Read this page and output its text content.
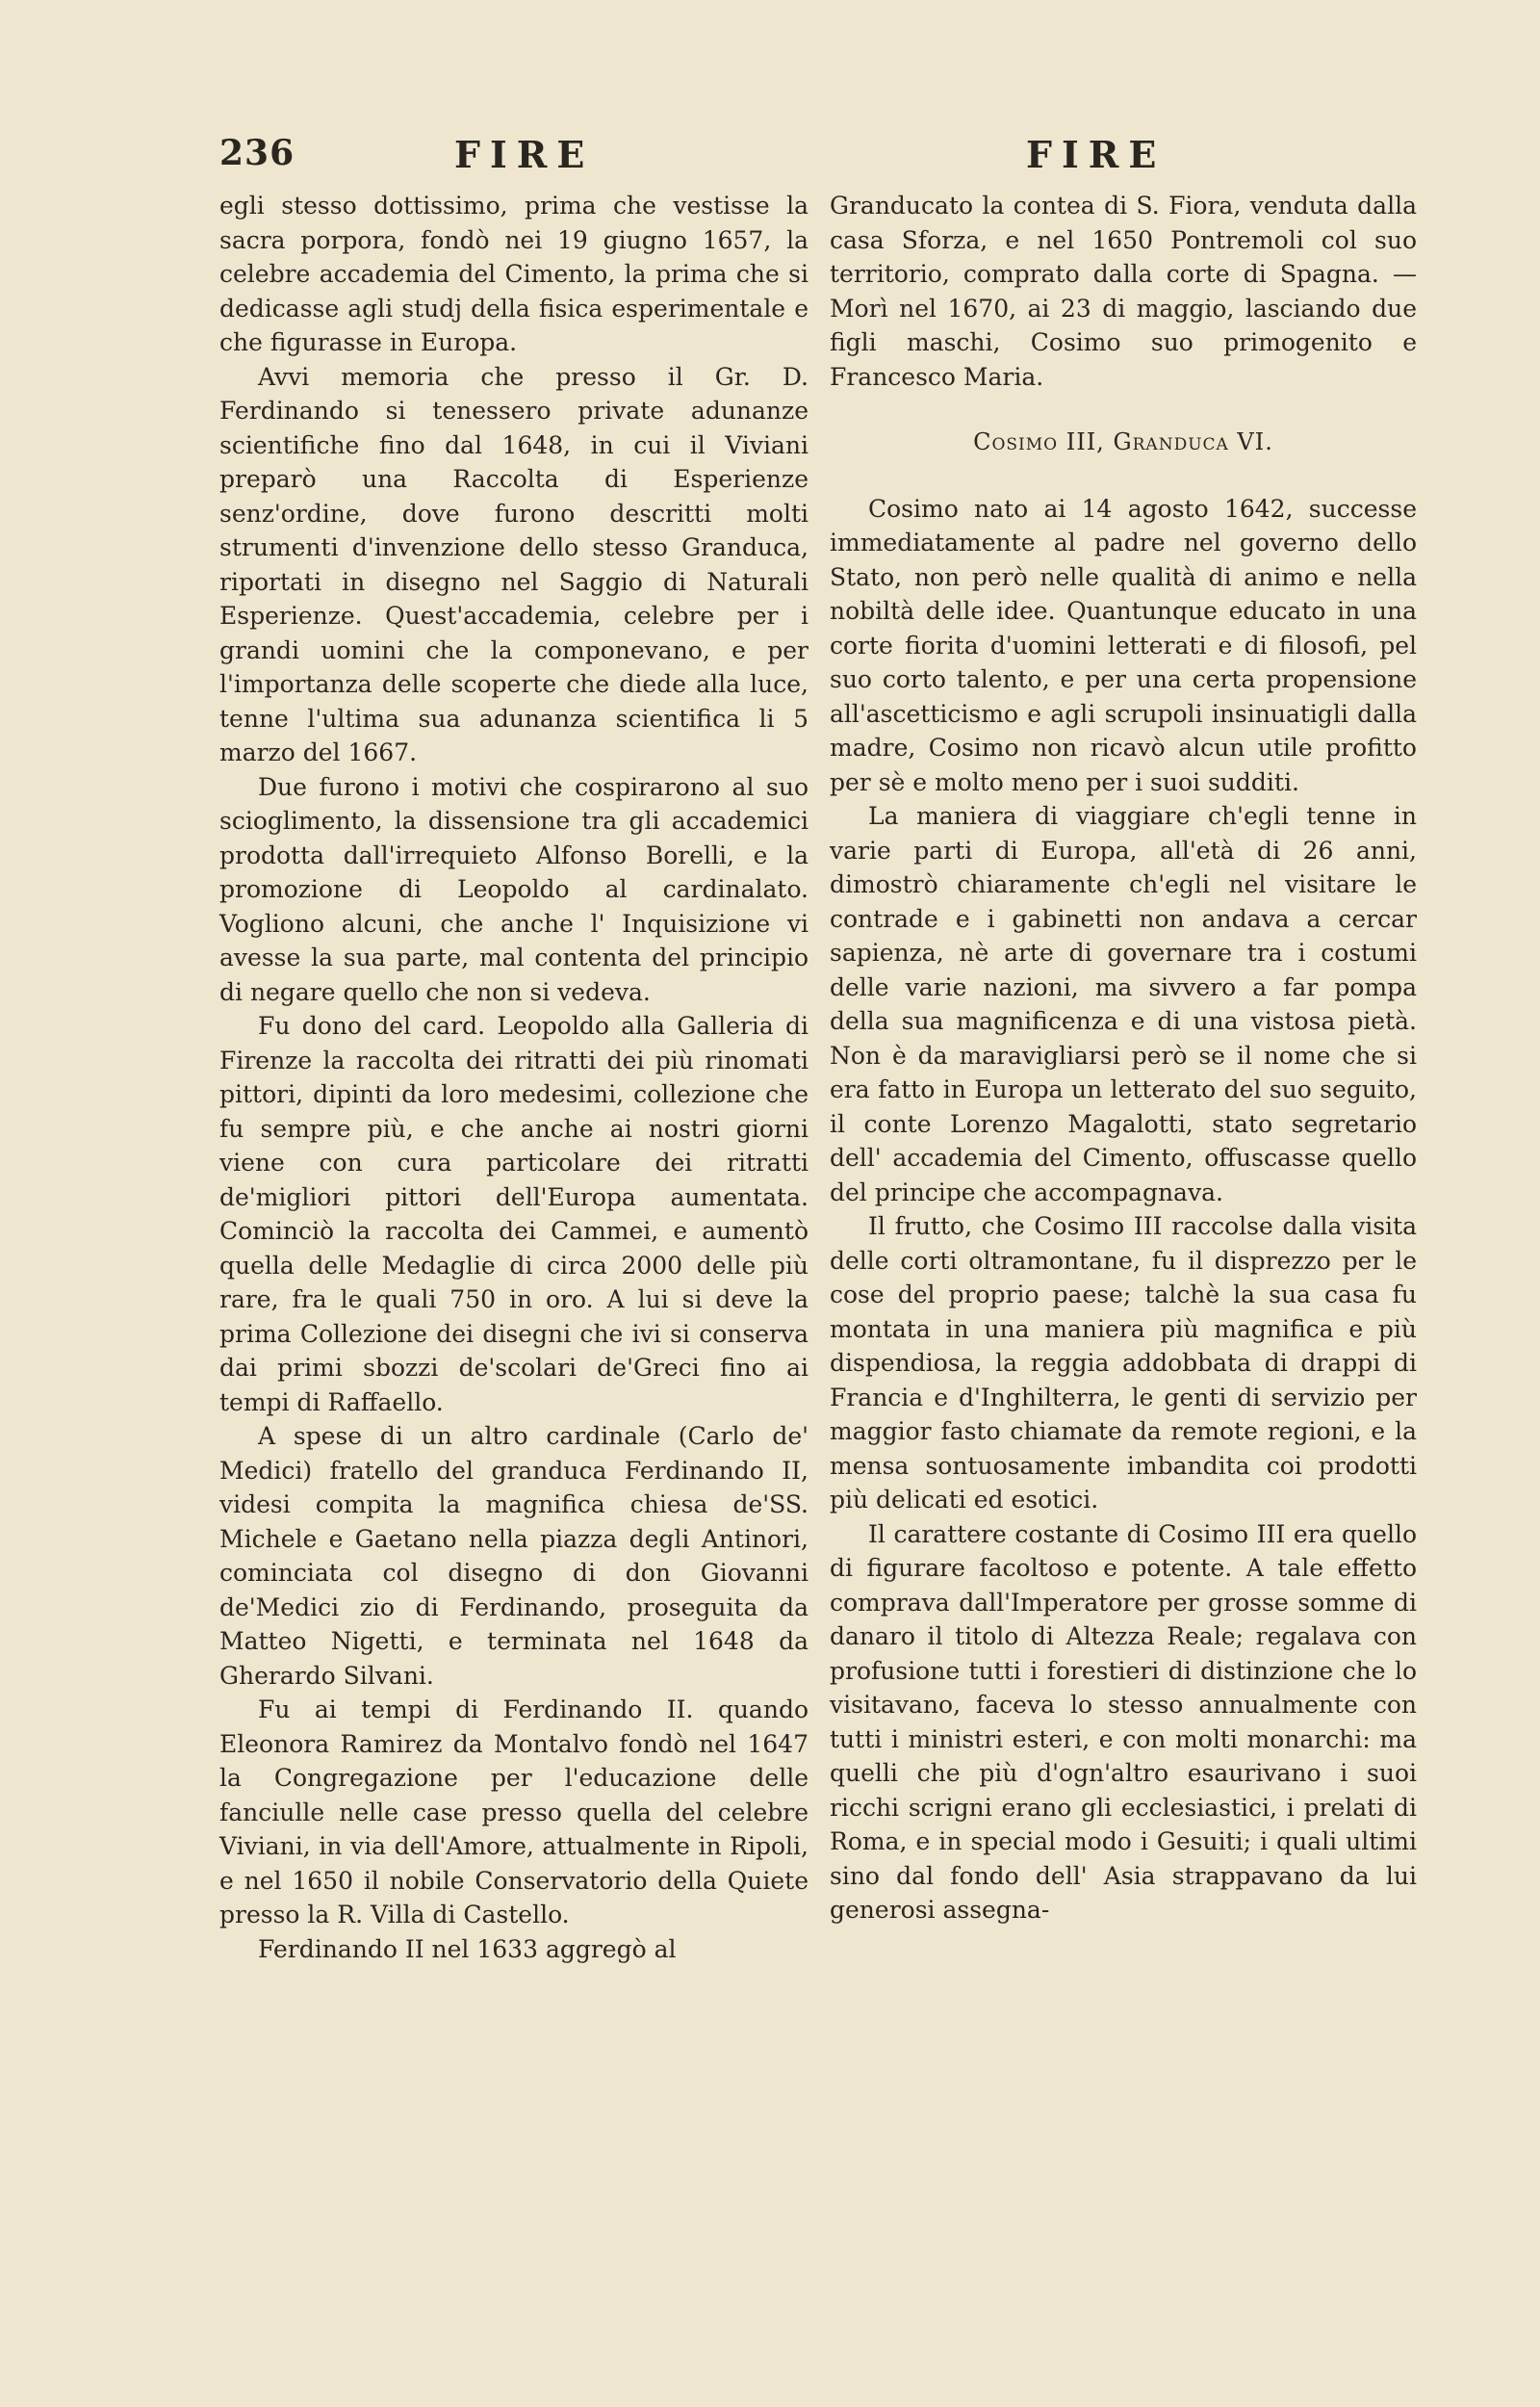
236	FIRE	FIRE

egli stesso dottissimo, prima che vestisse la sacra porpora, fondò nei 19 giugno 1657, la celebre accademia del Cimento, la prima che si dedicasse agli studj della fisica esperimentale e che figurasse in Europa.

Avvi memoria che presso il Gr. D. Ferdinando si tenessero private adunanze scientifiche fino dal 1648, in cui il Viviani preparò una Raccolta di Esperienze senz'ordine, dove furono descritti molti strumenti d'invenzione dello stesso Granduca, riportati in disegno nel Saggio di Naturali Esperienze. Quest'accademia, celebre per i grandi uomini che la componevano, e per l'importanza delle scoperte che diede alla luce, tenne l'ultima sua adunanza scientifica li 5 marzo del 1667.

Due furono i motivi che cospirarono al suo scioglimento, la dissensione tra gli accademici prodotta dall'irrequieto Alfonso Borelli, e la promozione di Leopoldo al cardinalato. Vogliono alcuni, che anche l' Inquisizione vi avesse la sua parte, mal contenta del principio di negare quello che non si vedeva.

Fu dono del card. Leopoldo alla Galleria di Firenze la raccolta dei ritratti dei più rinomati pittori, dipinti da loro medesimi, collezione che fu sempre più, e che anche ai nostri giorni viene con cura particolare dei ritratti de'migliori pittori dell'Europa aumentata. Cominciò la raccolta dei Cammei, e aumentò quella delle Medaglie di circa 2000 delle più rare, fra le quali 750 in oro. A lui si deve la prima Collezione dei disegni che ivi si conserva dai primi sbozzi de'scolari de'Greci fino ai tempi di Raffaello.

A spese di un altro cardinale (Carlo de' Medici) fratello del granduca Ferdinando II, videsi compita la magnifica chiesa de'SS. Michele e Gaetano nella piazza degli Antinori, cominciata col disegno di don Giovanni de'Medici zio di Ferdinando, proseguita da Matteo Nigetti, e terminata nel 1648 da Gherardo Silvani.

Fu ai tempi di Ferdinando II. quando Eleonora Ramirez da Montalvo fondò nel 1647 la Congregazione per l'educazione delle fanciulle nelle case presso quella del celebre Viviani, in via dell'Amore, attualmente in Ripoli, e nel 1650 il nobile Conservatorio della Quiete presso la R. Villa di Castello.

Ferdinando II nel 1633 aggregò al

Granducato la contea di S. Fiora, venduta dalla casa Sforza, e nel 1650 Pontremoli col suo territorio, comprato dalla corte di Spagna. — Morì nel 1670, ai 23 di maggio, lasciando due figli maschi, Cosimo suo primogenito e Francesco Maria.

Cosimo III, Granduca VI.

Cosimo nato ai 14 agosto 1642, successe immediatamente al padre nel governo dello Stato, non però nelle qualità di animo e nella nobiltà delle idee. Quantunque educato in una corte fiorita d'uomini letterati e di filosofi, pel suo corto talento, e per una certa propensione all'ascetticismo e agli scrupoli insinuatigli dalla madre, Cosimo non ricavò alcun utile profitto per sè e molto meno per i suoi sudditi.

La maniera di viaggiare ch'egli tenne in varie parti di Europa, all'età di 26 anni, dimostrò chiaramente ch'egli nel visitare le contrade e i gabinetti non andava a cercar sapienza, nè arte di governare tra i costumi delle varie nazioni, ma sivvero a far pompa della sua magnificenza e di una vistosa pietà. Non è da maravigliarsi però se il nome che si era fatto in Europa un letterato del suo seguito, il conte Lorenzo Magalotti, stato segretario dell' accademia del Cimento, offuscasse quello del principe che accompagnava.

Il frutto, che Cosimo III raccolse dalla visita delle corti oltramontane, fu il disprezzo per le cose del proprio paese; talchè la sua casa fu montata in una maniera più magnifica e più dispendiosa, la reggia addobbata di drappi di Francia e d'Inghilterra, le genti di servizio per maggior fasto chiamate da remote regioni, e la mensa sontuosamente imbandita coi prodotti più delicati ed esotici.

Il carattere costante di Cosimo III era quello di figurare facoltoso e potente. A tale effetto comprava dall'Imperatore per grosse somme di danaro il titolo di Altezza Reale; regalava con profusione tutti i forestieri di distinzione che lo visitavano, faceva lo stesso annualmente con tutti i ministri esteri, e con molti monarchi: ma quelli che più d'ogn'altro esaurivano i suoi ricchi scrigni erano gli ecclesiastici, i prelati di Roma, e in special modo i Gesuiti; i quali ultimi sino dal fondo dell' Asia strappavano da lui generosi assegna-
